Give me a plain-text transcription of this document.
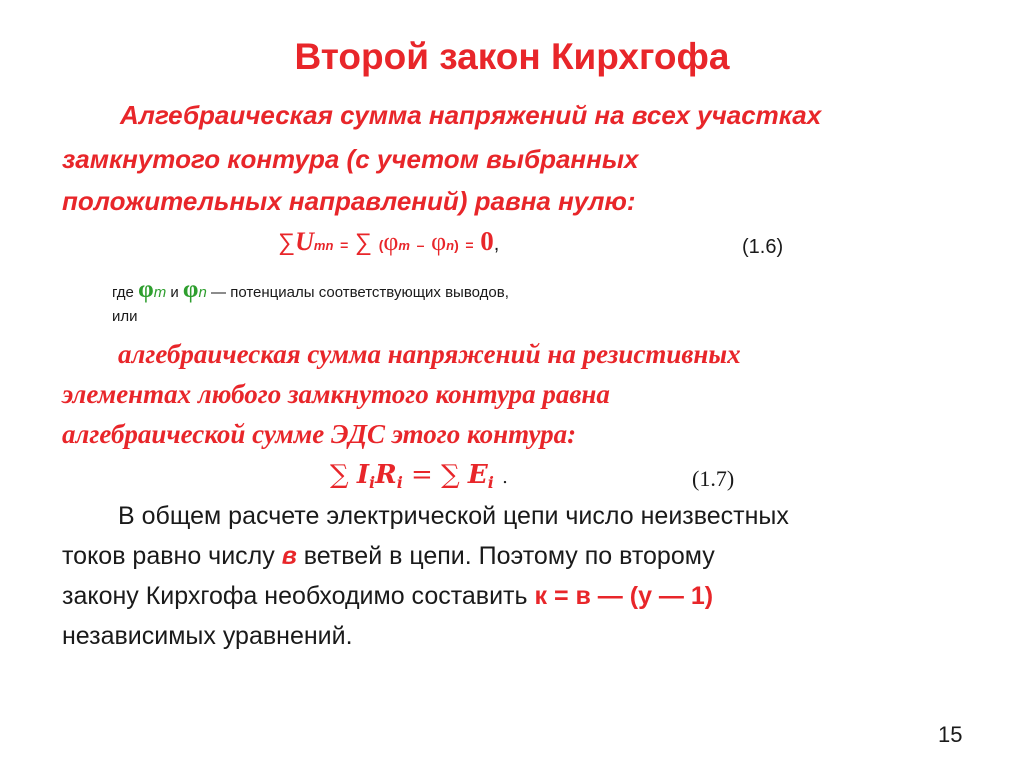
Второй закон Кирхгофа
Алгебраическая сумма напряжений на всех участках
замкнутого контура (с учетом выбранных
положительных направлений) равна нулю:
∑Umn = ∑ (φm – φn) = 0,	(1.6)
где φm и φn — потенциалы соответствующих выводов,
или
алгебраическая сумма напряжений на резистивных
элементах любого замкнутого контура равна
алгебраической сумме ЭДС этого контура:
∑ IiRi = ∑ Ei .	(1.7)
В общем расчете электрической цепи число неизвестных
токов равно числу в ветвей в цепи. Поэтому по второму
закону Кирхгофа необходимо составить к = в — (у — 1)
независимых уравнений.
15
